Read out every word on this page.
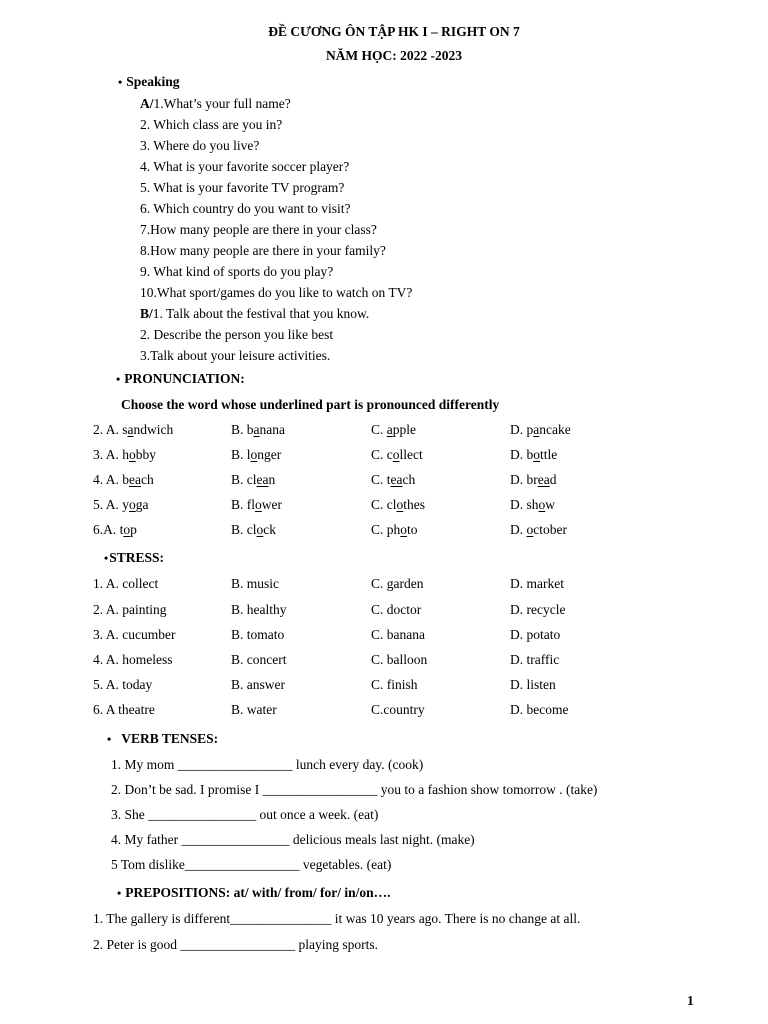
ĐỀ CƯƠNG ÔN TẬP HK I – RIGHT ON 7
NĂM HỌC: 2022 -2023
• Speaking
A/1.What’s your full name?
2. Which class are you in?
3. Where do you live?
4. What is your favorite soccer player?
5. What is your favorite TV program?
6. Which country do you want to visit?
7.How many people are there in your class?
8.How many people are there in your family?
9. What kind of sports do you play?
10.What sport/games do you like to watch on TV?
B/1. Talk about the festival that you know.
2. Describe the person you like best
3.Talk about your leisure activities.
• PRONUNCIATION:
Choose the word whose underlined part is pronounced differently
2. A. sandwich	B. banana	C. apple	D. pancake
3. A. hobby	B. longer	C. collect	D. bottle
4. A. beach	B. clean	C. teach	D. bread
5. A. yoga	B. flower	C. clothes	D. show
6.A. top	B. clock	C. photo	D. october
•STRESS:
1. A. collect	B. music	C. garden	D. market
2. A. painting	B. healthy	C. doctor	D. recycle
3. A. cucumber	B. tomato	C. banana	D. potato
4. A. homeless	B. concert	C. balloon	D. traffic
5. A. today	B. answer	C. finish	D. listen
6. A theatre	B. water	C.country	D. become
• VERB TENSES:
1. My mom _________________ lunch every day. (cook)
2. Don’t be sad. I promise I _________________ you to a fashion show tomorrow . (take)
3. She ________________ out once a week. (eat)
4. My father ________________ delicious meals last night. (make)
5 Tom dislike_________________ vegetables. (eat)
• PREPOSITIONS: at/ with/ from/ for/ in/on….
1. The gallery is different_______________ it was 10 years ago. There is no change at all.
2. Peter is good _________________ playing sports.
1
